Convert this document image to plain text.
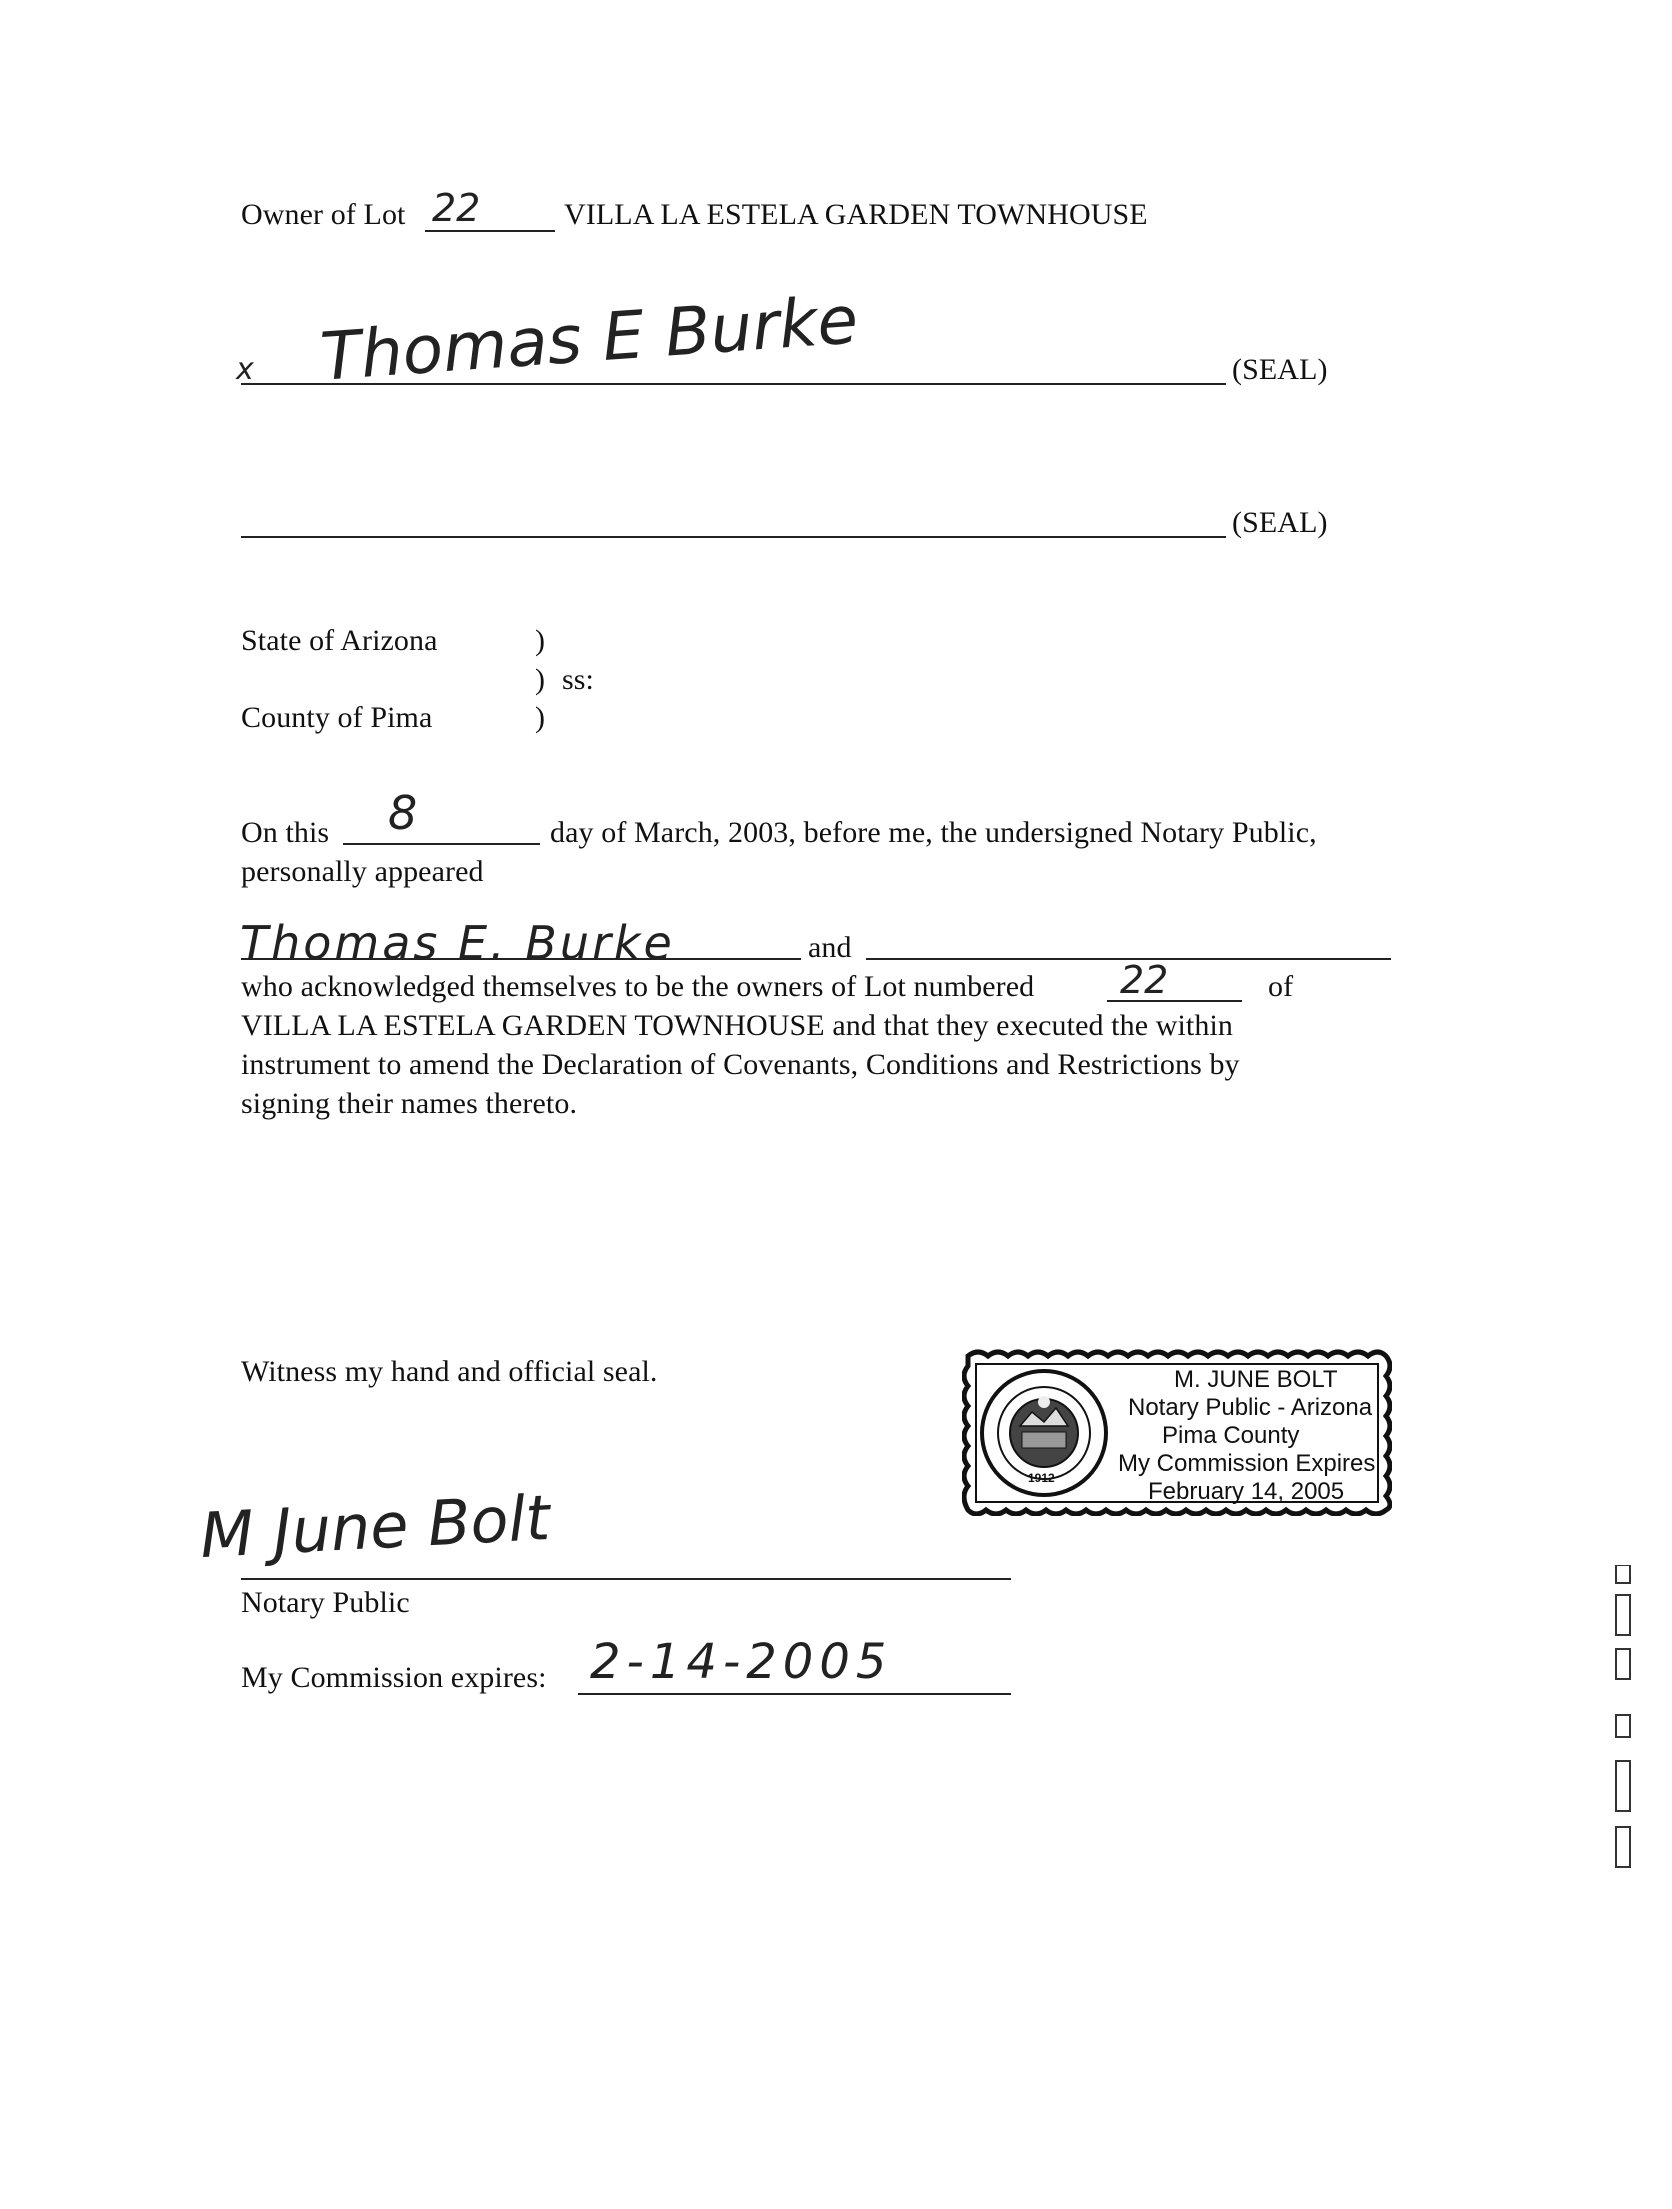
Owner of Lot 22	VILLA LA ESTELA GARDEN TOWNHOUSE
x Thomas E Burke	(SEAL)
(SEAL)
State of Arizona	)
) ss:
County of Pima	)
On this 8	day of March, 2003, before me, the undersigned Notary Public,
personally appeared
Thomas E. Burke	and
who acknowledged themselves to be the owners of Lot numbered 22	of
VILLA LA ESTELA GARDEN TOWNHOUSE and that they executed the within
instrument to amend the Declaration of Covenants, Conditions and Restrictions by
signing their names thereto.
Witness my hand and official seal.
1912
M. JUNE BOLT
Notary Public - Arizona
Pima County
My Commission Expires
February 14, 2005
M June Bolt
Notary Public
My Commission expires: 2-14-2005
